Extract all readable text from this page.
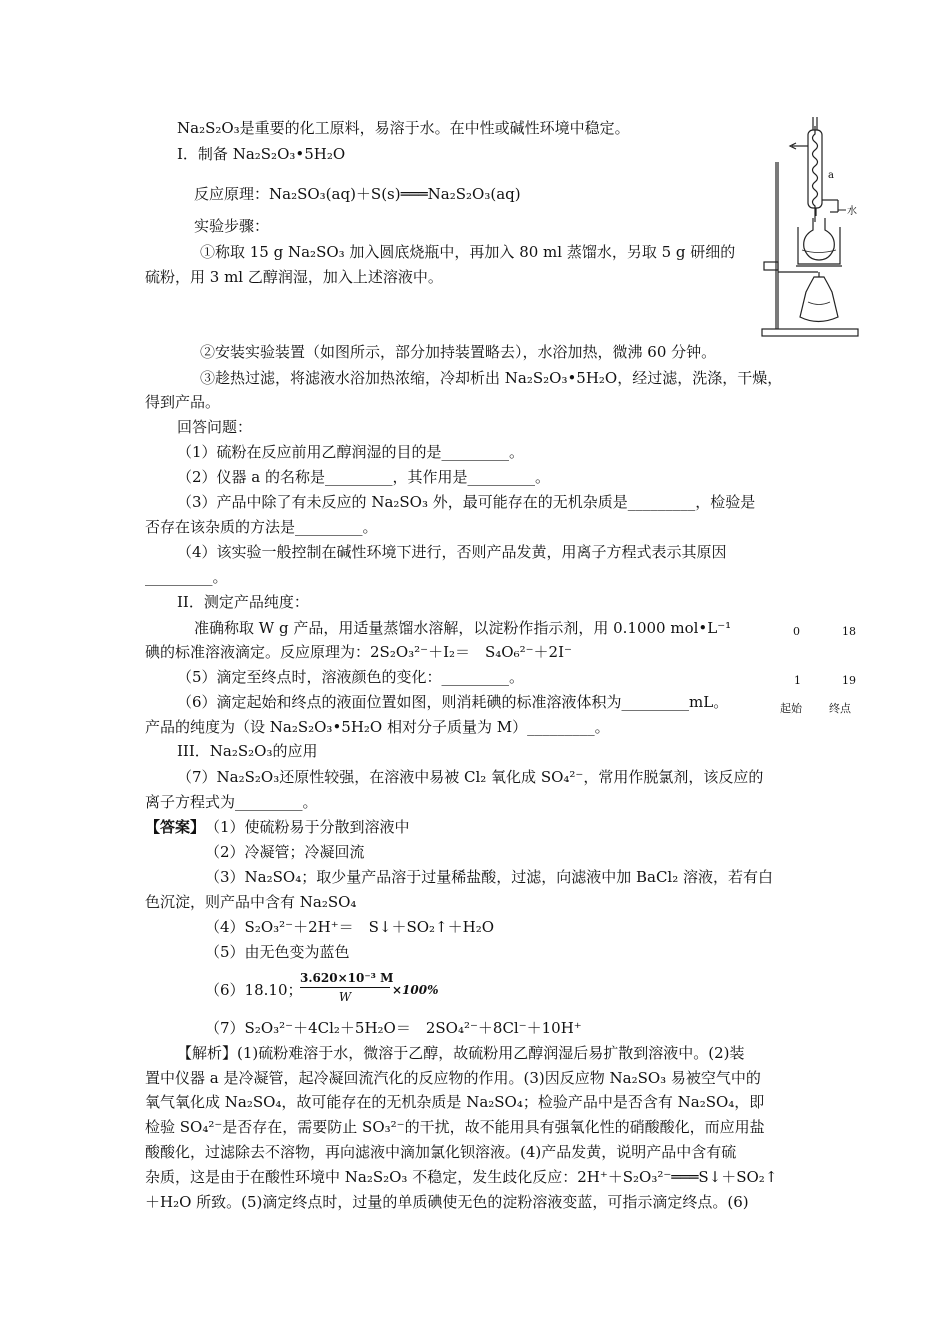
Na₂S₂O₃是重要的化工原料，易溶于水。在中性或碱性环境中稳定。
I．制备 Na₂S₂O₃•5H₂O
反应原理：Na₂SO₃(aq)＋S(s)═══Na₂S₂O₃(aq)
实验步骤：
①称取 15 g Na₂SO₃ 加入圆底烧瓶中，再加入 80 ml 蒸馏水，另取 5 g 研细的
硫粉，用 3 ml 乙醇润湿，加入上述溶液中。
②安装实验装置（如图所示，部分加持装置略去），水浴加热，微沸 60 分钟。
③趁热过滤，将滤液水浴加热浓缩，冷却析出 Na₂S₂O₃•5H₂O，经过滤，洗涤，干燥，
得到产品。
回答问题：
（1）硫粉在反应前用乙醇润湿的目的是_________。
（2）仪器 a 的名称是_________，其作用是_________。
（3）产品中除了有未反应的 Na₂SO₃ 外，最可能存在的无机杂质是_________，检验是
否存在该杂质的方法是_________。
（4）该实验一般控制在碱性环境下进行，否则产品发黄，用离子方程式表示其原因
_________。
II．测定产品纯度：
准确称取 W g 产品，用适量蒸馏水溶解，以淀粉作指示剂，用 0.1000 mol•L⁻¹
碘的标准溶液滴定。反应原理为：2S₂O₃²⁻＋I₂＝　S₄O₆²⁻＋2I⁻
（5）滴定至终点时，溶液颜色的变化：_________。
（6）滴定起始和终点的液面位置如图，则消耗碘的标准溶液体积为_________mL。
产品的纯度为（设 Na₂S₂O₃•5H₂O 相对分子质量为 M）_________。
III．Na₂S₂O₃的应用
（7）Na₂S₂O₃还原性较强，在溶液中易被 Cl₂ 氧化成 SO₄²⁻，常用作脱氯剂，该反应的
离子方程式为_________。
【答案】 （1）使硫粉易于分散到溶液中
（2）冷凝管；冷凝回流
（3）Na₂SO₄；取少量产品溶于过量稀盐酸，过滤，向滤液中加 BaCl₂ 溶液，若有白
色沉淀，则产品中含有 Na₂SO₄
（4）S₂O₃²⁻＋2H⁺＝　S↓＋SO₂↑＋H₂O
（5）由无色变为蓝色
（6）18.10；
3.620×10⁻³ M
W	×100%
（7）S₂O₃²⁻＋4Cl₂＋5H₂O＝　2SO₄²⁻＋8Cl⁻＋10H⁺
【解析】(1)硫粉难溶于水，微溶于乙醇，故硫粉用乙醇润湿后易扩散到溶液中。(2)装
置中仪器 a 是冷凝管，起冷凝回流汽化的反应物的作用。(3)因反应物 Na₂SO₃ 易被空气中的
氧气氧化成 Na₂SO₄，故可能存在的无机杂质是 Na₂SO₄；检验产品中是否含有 Na₂SO₄，即
检验 SO₄²⁻是否存在，需要防止 SO₃²⁻的干扰，故不能用具有强氧化性的硝酸酸化，而应用盐
酸酸化，过滤除去不溶物，再向滤液中滴加氯化钡溶液。(4)产品发黄，说明产品中含有硫
杂质，这是由于在酸性环境中 Na₂S₂O₃ 不稳定，发生歧化反应：2H⁺＋S₂O₃²⁻═══S↓＋SO₂↑
＋H₂O 所致。(5)滴定终点时，过量的单质碘使无色的淀粉溶液变蓝，可指示滴定终点。(6)
a
水
0	18
1	19
起始 终点
